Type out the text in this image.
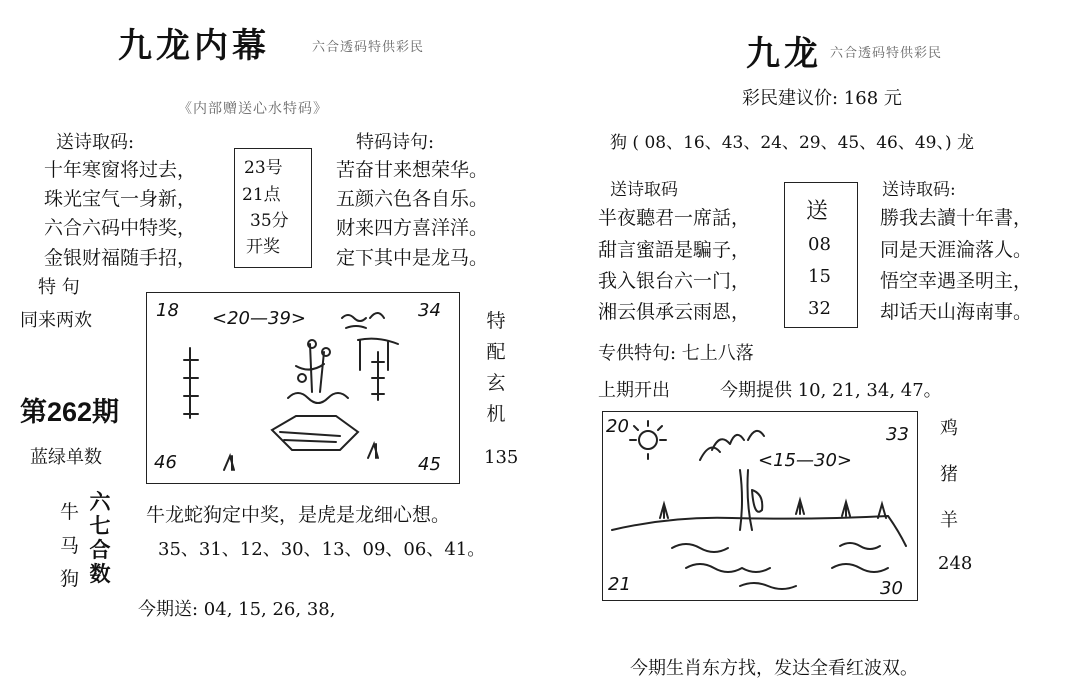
九龙内幕	六合透码特供彩民
《内部赠送心水特码》
送诗取码:	特码诗句:
十年寒窗将过去，
珠光宝气一身新，
六合六码中特奖，
金银财福随手招，
23号
21点
35分
开奖
苦奋甘来想荣华。
五颜六色各自乐。
财来四方喜洋洋。
定下其中是龙马。
特 句
同来两欢
第262期
蓝绿单数
18	34
46	45
<20—39>	特配玄机
135
牛
马
狗
六七合数
牛龙蛇狗定中奖，是虎是龙细心想。
35、31、12、30、13、09、06、41。
今期送: 04, 15, 26, 38,
九龙 六合透码特供彩民
彩民建议价: 168 元
狗 ( 08、16、43、24、29、45、46、49、) 龙
送诗取码	送诗取码:
半夜聽君一席話，
甜言蜜語是騙子，
我入银台六一门，
湘云俱承云雨恩，
送
08
15
32
勝我去讀十年書，
同是天涯淪落人。
悟空幸遇圣明主，
却话天山海南事。
专供特句: 七上八落
上期开出	今期提供 10, 21, 34, 47。
20	33
21	30
<15—30>
鸡
猪
羊
248
今期生肖东方找，发达全看红波双。
